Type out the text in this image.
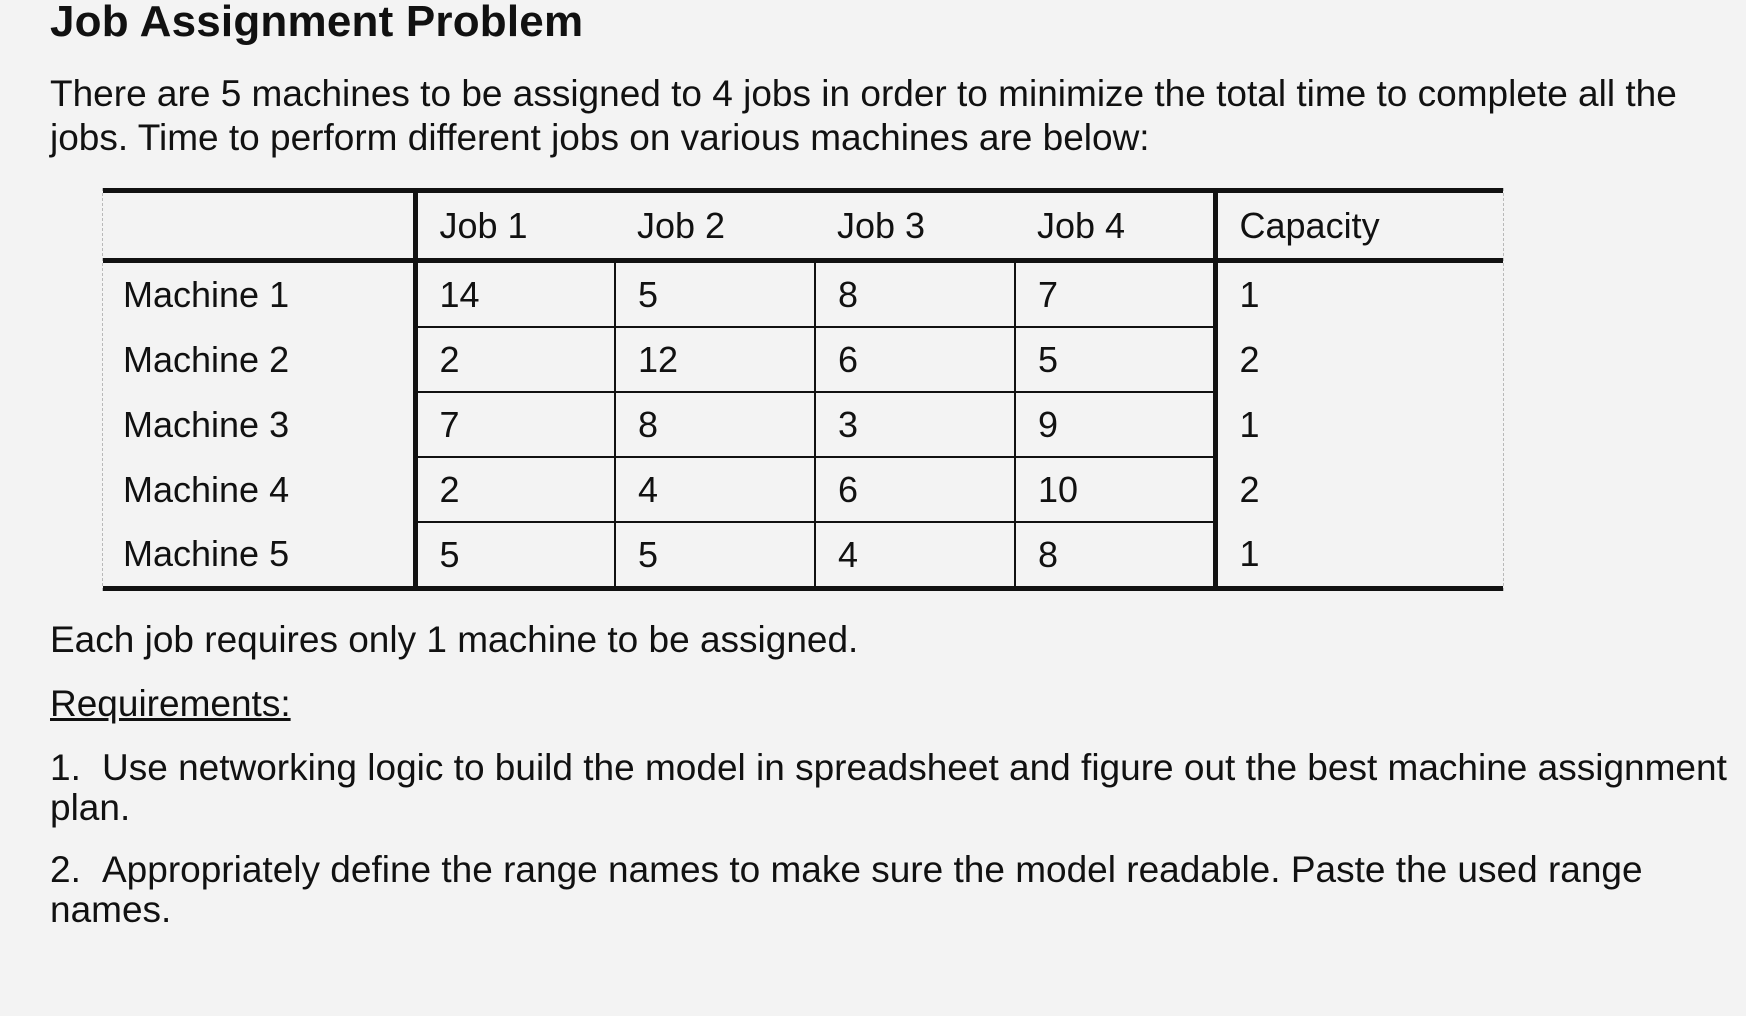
Job Assignment Problem

There are 5 machines to be assigned to 4 jobs in order to minimize the total time to complete all the jobs. Time to perform different jobs on various machines are below:

	Job 1	Job 2	Job 3	Job 4	Capacity
Machine 1	14	5	8	7	1
Machine 2	2	12	6	5	2
Machine 3	7	8	3	9	1
Machine 4	2	4	6	10	2
Machine 5	5	5	4	8	1

Each job requires only 1 machine to be assigned.

Requirements:
1. Use networking logic to build the model in spreadsheet and figure out the best machine assignment plan.
2. Appropriately define the range names to make sure the model readable. Paste the used range names.
